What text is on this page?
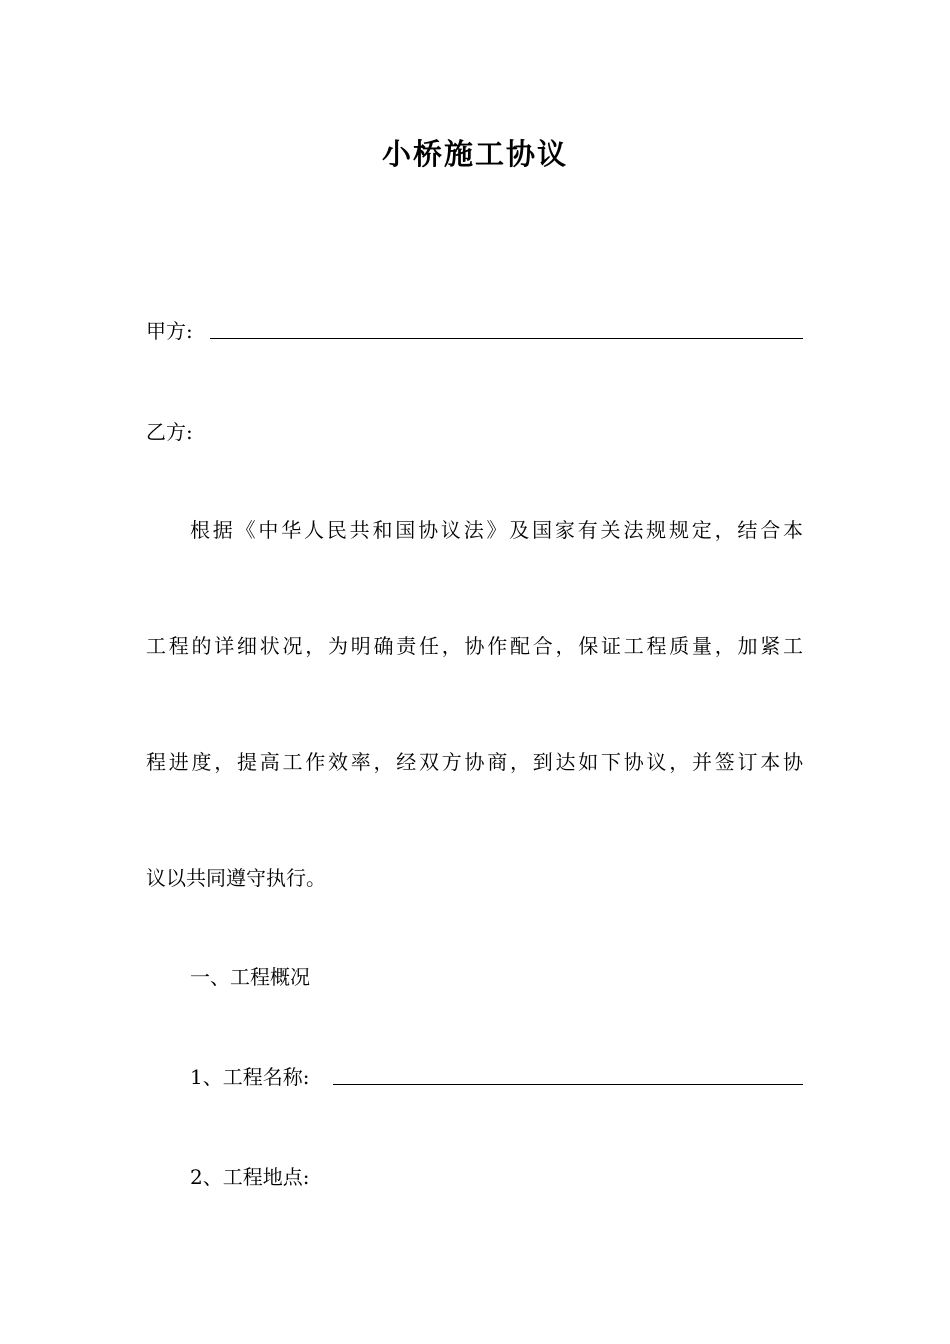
小桥施工协议
甲方:
乙方:
根据《中华人民共和国协议法》及国家有关法规规定，结合本
工程的详细状况，为明确责任，协作配合，保证工程质量，加紧工
程进度，提高工作效率，经双方协商，到达如下协议，并签订本协
议以共同遵守执行。
一、工程概况
1、工程名称:
2、工程地点:
